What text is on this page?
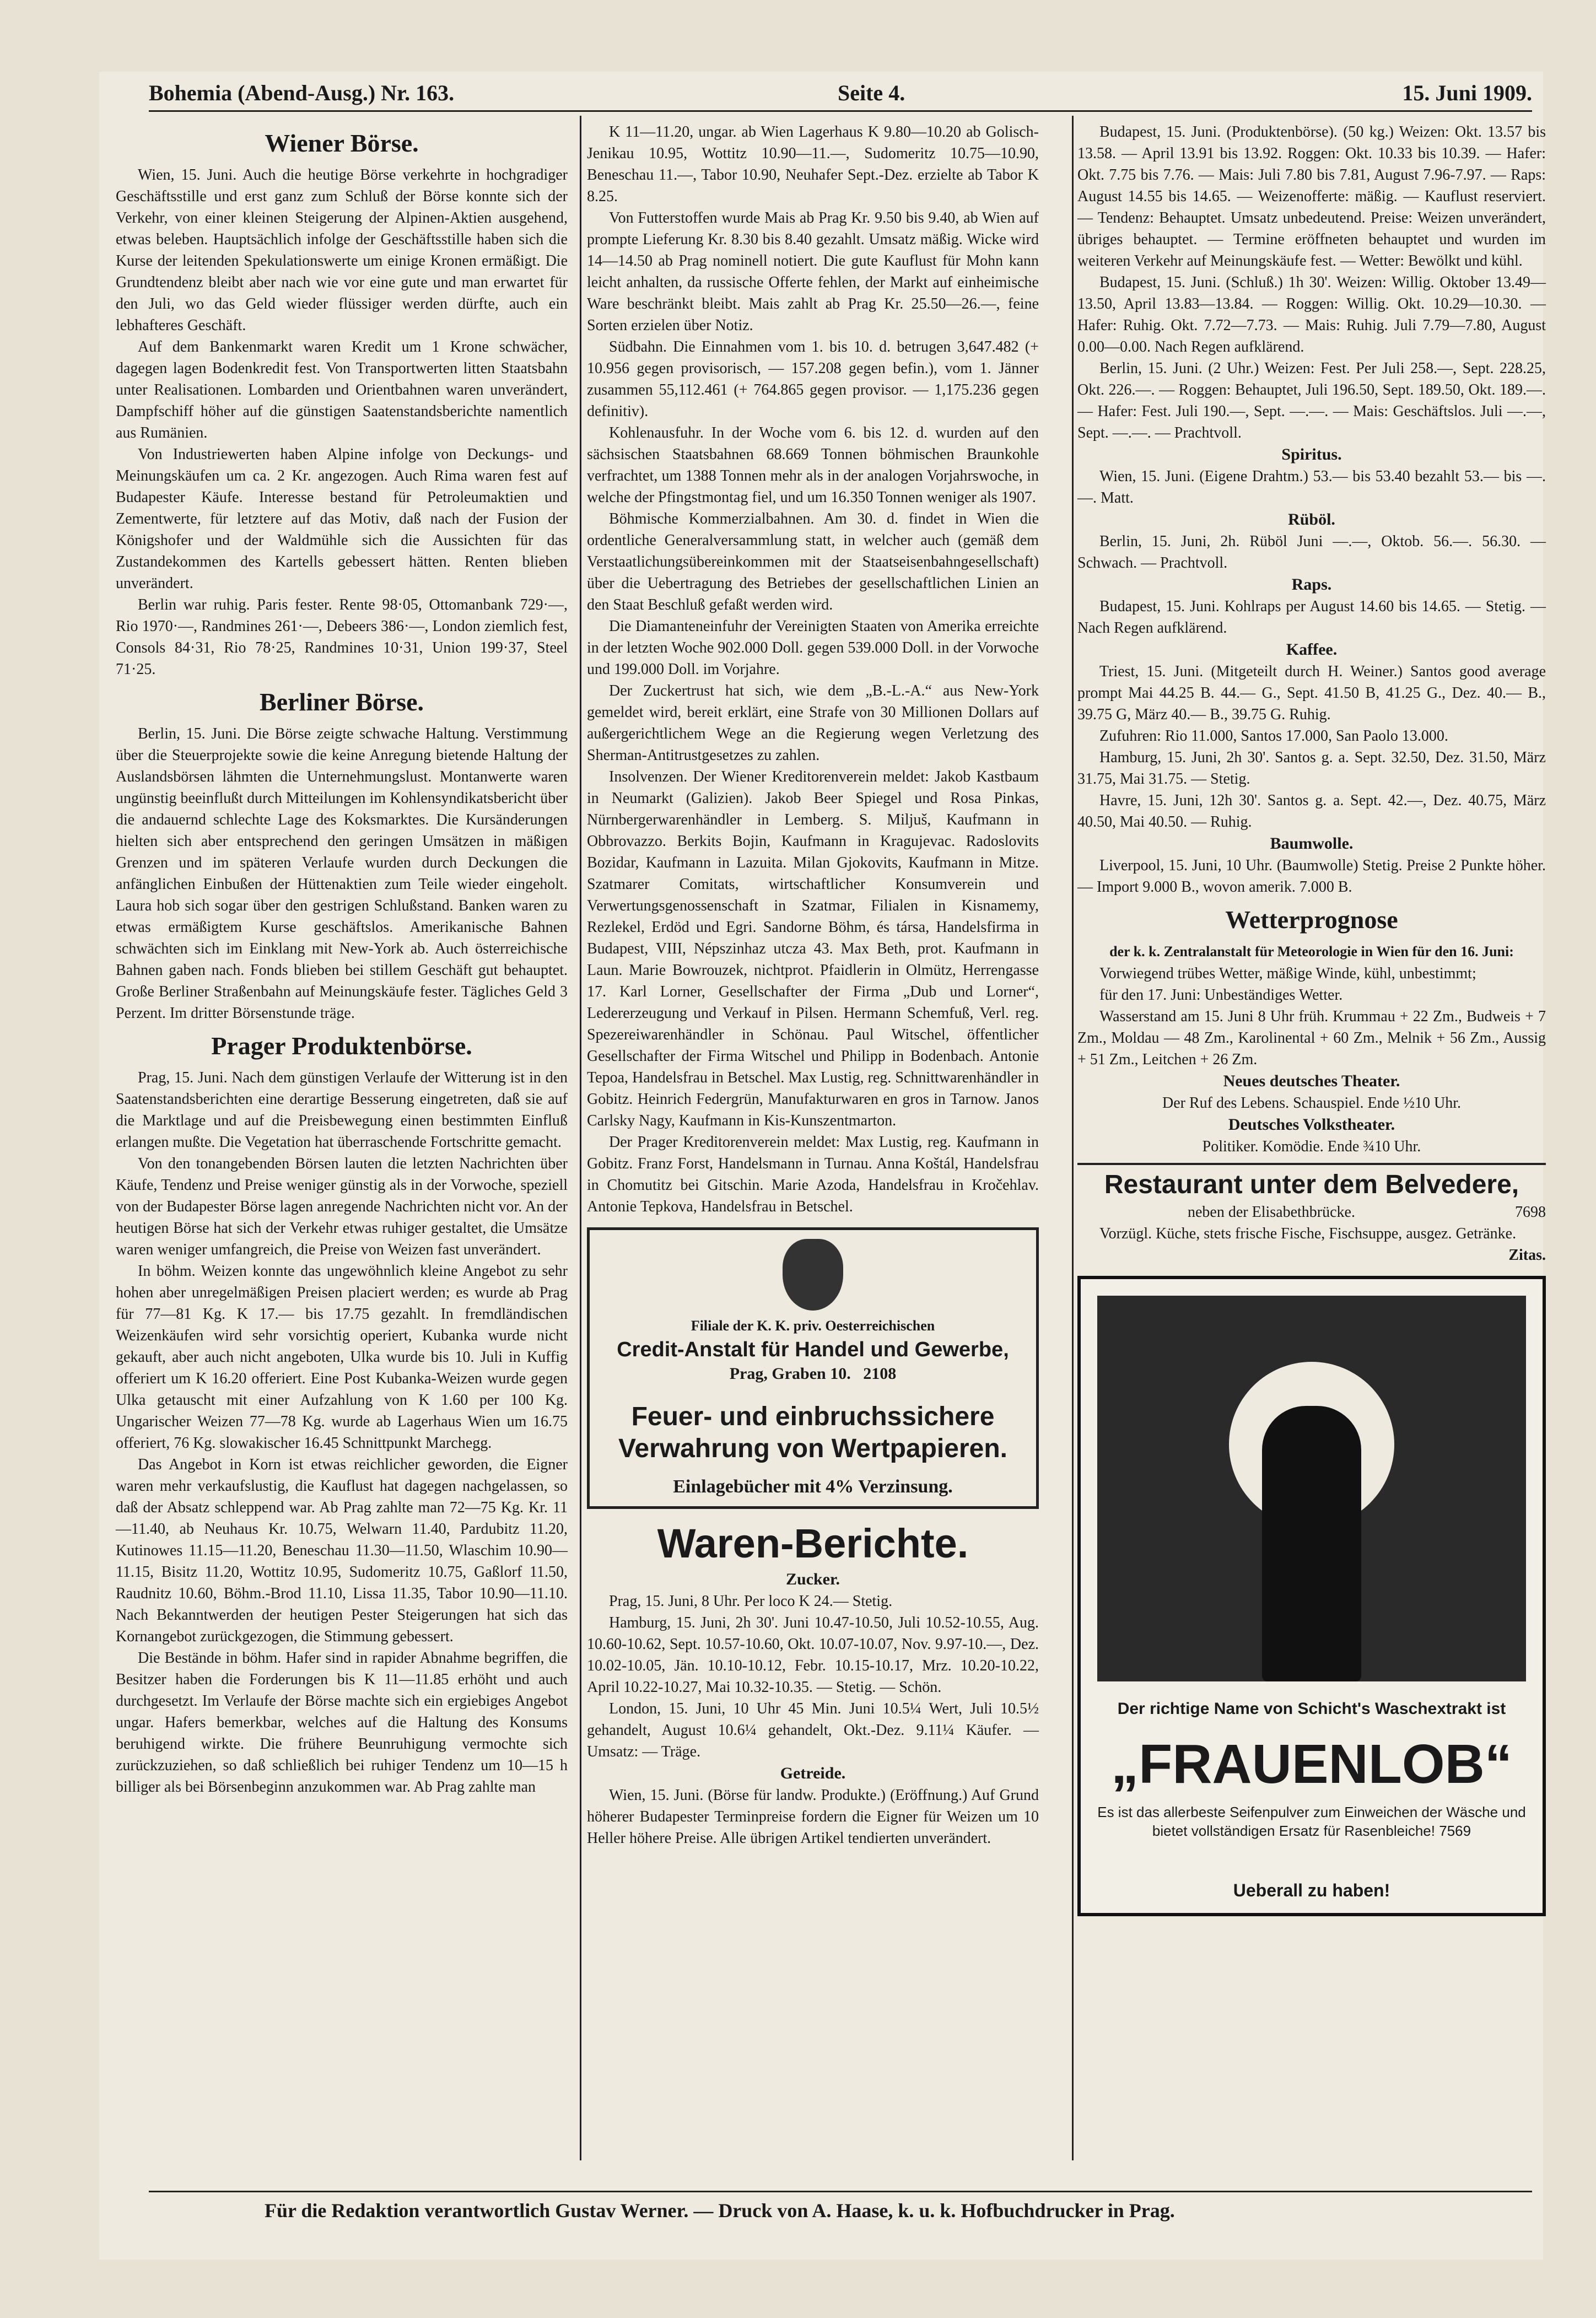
Bohemia (Abend-Ausg.) Nr. 163.	Seite 4.	15. Juni 1909.
Wiener Börse.

Wien, 15. Juni. Auch die heutige Börse verkehrte in hochgradiger Geschäftsstille und erst ganz zum Schluß der Börse konnte sich der Verkehr, von einer kleinen Steigerung der Alpinen-Aktien ausgehend, etwas beleben. Hauptsächlich infolge der Geschäftsstille haben sich die Kurse der leitenden Spekulationswerte um einige Kronen ermäßigt. Die Grundtendenz bleibt aber nach wie vor eine gute und man erwartet für den Juli, wo das Geld wieder flüssiger werden dürfte, auch ein lebhafteres Geschäft.

Auf dem Bankenmarkt waren Kredit um 1 Krone schwächer, dagegen lagen Bodenkredit fest. Von Transportwerten litten Staatsbahn unter Realisationen. Lombarden und Orientbahnen waren unverändert, Dampfschiff höher auf die günstigen Saatenstandsberichte namentlich aus Rumänien.

Von Industriewerten haben Alpine infolge von Deckungs- und Meinungskäufen um ca. 2 Kr. angezogen. Auch Rima waren fest auf Budapester Käufe. Interesse bestand für Petroleumaktien und Zementwerte, für letztere auf das Motiv, daß nach der Fusion der Königshofer und der Waldmühle sich die Aussichten für das Zustandekommen des Kartells gebessert hätten. Renten blieben unverändert.

Berlin war ruhig. Paris fester. Rente 98·05, Ottomanbank 729·—, Rio 1970·—, Randmines 261·—, Debeers 386·—, London ziemlich fest, Consols 84·31, Rio 78·25, Randmines 10·31, Union 199·37, Steel 71·25.

Berliner Börse.

Berlin, 15. Juni. Die Börse zeigte schwache Haltung. Verstimmung über die Steuerprojekte sowie die keine Anregung bietende Haltung der Auslandsbörsen lähmten die Unternehmungslust. Montanwerte waren ungünstig beeinflußt durch Mitteilungen im Kohlensyndikatsbericht über die andauernd schlechte Lage des Koksmarktes. Die Kursänderungen hielten sich aber entsprechend den geringen Umsätzen in mäßigen Grenzen und im späteren Verlaufe wurden durch Deckungen die anfänglichen Einbußen der Hüttenaktien zum Teile wieder eingeholt. Laura hob sich sogar über den gestrigen Schlußstand. Banken waren zu etwas ermäßigtem Kurse geschäftslos. Amerikanische Bahnen schwächten sich im Einklang mit New-York ab. Auch österreichische Bahnen gaben nach. Fonds blieben bei stillem Geschäft gut behauptet. Große Berliner Straßenbahn auf Meinungskäufe fester. Tägliches Geld 3 Perzent. Im dritter Börsenstunde träge.

Prager Produktenbörse.

Prag, 15. Juni. Nach dem günstigen Verlaufe der Witterung ist in den Saatenstandsberichten eine derartige Besserung eingetreten, daß sie auf die Marktlage und auf die Preisbewegung einen bestimmten Einfluß erlangen mußte. Die Vegetation hat überraschende Fortschritte gemacht.

Von den tonangebenden Börsen lauten die letzten Nachrichten über Käufe, Tendenz und Preise weniger günstig als in der Vorwoche, speziell von der Budapester Börse lagen anregende Nachrichten nicht vor. An der heutigen Börse hat sich der Verkehr etwas ruhiger gestaltet, die Umsätze waren weniger umfangreich, die Preise von Weizen fast unverändert.

In böhm. Weizen konnte das ungewöhnlich kleine Angebot zu sehr hohen aber unregelmäßigen Preisen placiert werden; es wurde ab Prag für 77—81 Kg. K 17.— bis 17.75 gezahlt. In fremdländischen Weizenkäufen wird sehr vorsichtig operiert, Kubanka wurde nicht gekauft, aber auch nicht angeboten, Ulka wurde bis 10. Juli in Kuffig offeriert um K 16.20 offeriert. Eine Post Kubanka-Weizen wurde gegen Ulka getauscht mit einer Aufzahlung von K 1.60 per 100 Kg. Ungarischer Weizen 77—78 Kg. wurde ab Lagerhaus Wien um 16.75 offeriert, 76 Kg. slowakischer 16.45 Schnittpunkt Marchegg.

Das Angebot in Korn ist etwas reichlicher geworden, die Eigner waren mehr verkaufslustig, die Kauflust hat dagegen nachgelassen, so daß der Absatz schleppend war. Ab Prag zahlte man 72—75 Kg. Kr. 11—11.40, ab Neuhaus Kr. 10.75, Welwarn 11.40, Pardubitz 11.20, Kutinowes 11.15—11.20, Beneschau 11.30—11.50, Wlaschim 10.90—11.15, Bisitz 11.20, Wottitz 10.95, Sudomeritz 10.75, Gaßlorf 11.50, Raudnitz 10.60, Böhm.-Brod 11.10, Lissa 11.35, Tabor 10.90—11.10. Nach Bekanntwerden der heutigen Pester Steigerungen hat sich das Kornangebot zurückgezogen, die Stimmung gebessert.

Die Bestände in böhm. Hafer sind in rapider Abnahme begriffen, die Besitzer haben die Forderungen bis K 11—11.85 erhöht und auch durchgesetzt. Im Verlaufe der Börse machte sich ein ergiebiges Angebot ungar. Hafers bemerkbar, welches auf die Haltung des Konsums beruhigend wirkte. Die frühere Beunruhigung vermochte sich zurückzuziehen, so daß schließlich bei ruhiger Tendenz um 10—15 h billiger als bei Börsenbeginn anzukommen war. Ab Prag zahlte man

K 11—11.20, ungar. ab Wien Lagerhaus K 9.80—10.20 ab Golisch-Jenikau 10.95, Wottitz 10.90—11.—, Sudomeritz 10.75—10.90, Beneschau 11.—, Tabor 10.90, Neuhafer Sept.-Dez. erzielte ab Tabor K 8.25.

Von Futterstoffen wurde Mais ab Prag Kr. 9.50 bis 9.40, ab Wien auf prompte Lieferung Kr. 8.30 bis 8.40 gezahlt. Umsatz mäßig. Wicke wird 14—14.50 ab Prag nominell notiert. Die gute Kauflust für Mohn kann leicht anhalten, da russische Offerte fehlen, der Markt auf einheimische Ware beschränkt bleibt. Mais zahlt ab Prag Kr. 25.50—26.—, feine Sorten erzielen über Notiz.

Südbahn. Die Einnahmen vom 1. bis 10. d. betrugen 3,647.482 (+ 10.956 gegen provisorisch, — 157.208 gegen befin.), vom 1. Jänner zusammen 55,112.461 (+ 764.865 gegen provisor. — 1,175.236 gegen definitiv).

Kohlenausfuhr. In der Woche vom 6. bis 12. d. wurden auf den sächsischen Staatsbahnen 68.669 Tonnen böhmischen Braunkohle verfrachtet, um 1388 Tonnen mehr als in der analogen Vorjahrswoche, in welche der Pfingstmontag fiel, und um 16.350 Tonnen weniger als 1907.

Böhmische Kommerzialbahnen. Am 30. d. findet in Wien die ordentliche Generalversammlung statt, in welcher auch (gemäß dem Verstaatlichungsübereinkommen mit der Staatseisenbahngesellschaft) über die Uebertragung des Betriebes der gesellschaftlichen Linien an den Staat Beschluß gefaßt werden wird.

Die Diamanteneinfuhr der Vereinigten Staaten von Amerika erreichte in der letzten Woche 902.000 Doll. gegen 539.000 Doll. in der Vorwoche und 199.000 Doll. im Vorjahre.

Der Zuckertrust hat sich, wie dem „B.-L.-A.“ aus New-York gemeldet wird, bereit erklärt, eine Strafe von 30 Millionen Dollars auf außergerichtlichem Wege an die Regierung wegen Verletzung des Sherman-Antitrustgesetzes zu zahlen.

Insolvenzen. Der Wiener Kreditorenverein meldet: Jakob Kastbaum in Neumarkt (Galizien). Jakob Beer Spiegel und Rosa Pinkas, Nürnbergerwarenhändler in Lemberg. S. Miljuš, Kaufmann in Obbrovazzo. Berkits Bojin, Kaufmann in Kragujevac. Radoslovits Bozidar, Kaufmann in Lazuita. Milan Gjokovits, Kaufmann in Mitze. Szatmarer Comitats, wirtschaftlicher Konsumverein und Verwertungsgenossenschaft in Szatmar, Filialen in Kisnamemy, Rezlekel, Erdöd und Egri. Sandorne Böhm, és társa, Handelsfirma in Budapest, VIII, Népszinhaz utcza 43. Max Beth, prot. Kaufmann in Laun. Marie Bowrouzek, nichtprot. Pfaidlerin in Olmütz, Herrengasse 17. Karl Lorner, Gesellschafter der Firma „Dub und Lorner“, Ledererzeugung und Verkauf in Pilsen. Hermann Schemfuß, Verl. reg. Spezereiwarenhändler in Schönau. Paul Witschel, öffentlicher Gesellschafter der Firma Witschel und Philipp in Bodenbach. Antonie Tepoa, Handelsfrau in Betschel. Max Lustig, reg. Schnittwarenhändler in Gobitz. Heinrich Federgrün, Manufakturwaren en gros in Tarnow. Janos Carlsky Nagy, Kaufmann in Kis-Kunszentmarton.

Der Prager Kreditorenverein meldet: Max Lustig, reg. Kaufmann in Gobitz. Franz Forst, Handelsmann in Turnau. Anna Koštál, Handelsfrau in Chomutitz bei Gitschin. Marie Azoda, Handelsfrau in Kročehlav. Antonie Tepkova, Handelsfrau in Betschel.

Filiale der K. K. priv. Oesterreichischen
Credit-Anstalt für Handel und Gewerbe,
Prag, Graben 10. 2108
Feuer- und einbruchssichere Verwahrung von Wertpapieren.
Einlagebücher mit 4% Verzinsung.
Waren-Berichte.
Zucker.

Prag, 15. Juni, 8 Uhr. Per loco K 24.— Stetig.

Hamburg, 15. Juni, 2h 30'. Juni 10.47-10.50, Juli 10.52-10.55, Aug. 10.60-10.62, Sept. 10.57-10.60, Okt. 10.07-10.07, Nov. 9.97-10.—, Dez. 10.02-10.05, Jän. 10.10-10.12, Febr. 10.15-10.17, Mrz. 10.20-10.22, April 10.22-10.27, Mai 10.32-10.35. — Stetig. — Schön.

London, 15. Juni, 10 Uhr 45 Min. Juni 10.5¼ Wert, Juli 10.5½ gehandelt, August 10.6¼ gehandelt, Okt.-Dez. 9.11¼ Käufer. — Umsatz: — Träge.

Getreide.

Wien, 15. Juni. (Börse für landw. Produkte.) (Eröffnung.) Auf Grund höherer Budapester Terminpreise fordern die Eigner für Weizen um 10 Heller höhere Preise. Alle übrigen Artikel tendierten unverändert.

Budapest, 15. Juni. (Produktenbörse). (50 kg.) Weizen: Okt. 13.57 bis 13.58. — April 13.91 bis 13.92. Roggen: Okt. 10.33 bis 10.39. — Hafer: Okt. 7.75 bis 7.76. — Mais: Juli 7.80 bis 7.81, August 7.96-7.97. — Raps: August 14.55 bis 14.65. — Weizenofferte: mäßig. — Kauflust reserviert. — Tendenz: Behauptet. Umsatz unbedeutend. Preise: Weizen unverändert, übriges behauptet. — Termine eröffneten behauptet und wurden im weiteren Verkehr auf Meinungskäufe fest. — Wetter: Bewölkt und kühl.

Budapest, 15. Juni. (Schluß.) 1h 30'. Weizen: Willig. Oktober 13.49—13.50, April 13.83—13.84. — Roggen: Willig. Okt. 10.29—10.30. — Hafer: Ruhig. Okt. 7.72—7.73. — Mais: Ruhig. Juli 7.79—7.80, August 0.00—0.00. Nach Regen aufklärend.

Berlin, 15. Juni. (2 Uhr.) Weizen: Fest. Per Juli 258.—, Sept. 228.25, Okt. 226.—. — Roggen: Behauptet, Juli 196.50, Sept. 189.50, Okt. 189.—. — Hafer: Fest. Juli 190.—, Sept. —.—. — Mais: Geschäftslos. Juli —.—, Sept. —.—. — Prachtvoll.

Spiritus.

Wien, 15. Juni. (Eigene Drahtm.) 53.— bis 53.40 bezahlt 53.— bis —.—. Matt.

Rüböl.

Berlin, 15. Juni, 2h. Rüböl Juni —.—, Oktob. 56.—. 56.30. — Schwach. — Prachtvoll.

Raps.

Budapest, 15. Juni. Kohlraps per August 14.60 bis 14.65. — Stetig. — Nach Regen aufklärend.

Kaffee.

Triest, 15. Juni. (Mitgeteilt durch H. Weiner.) Santos good average prompt Mai 44.25 B. 44.— G., Sept. 41.50 B, 41.25 G., Dez. 40.— B., 39.75 G, März 40.— B., 39.75 G. Ruhig.

Zufuhren: Rio 11.000, Santos 17.000, San Paolo 13.000.

Hamburg, 15. Juni, 2h 30'. Santos g. a. Sept. 32.50, Dez. 31.50, März 31.75, Mai 31.75. — Stetig.

Havre, 15. Juni, 12h 30'. Santos g. a. Sept. 42.—, Dez. 40.75, März 40.50, Mai 40.50. — Ruhig.

Baumwolle.

Liverpool, 15. Juni, 10 Uhr. (Baumwolle) Stetig. Preise 2 Punkte höher. — Import 9.000 B., wovon amerik. 7.000 B.

Wetterprognose
der k. k. Zentralanstalt für Meteorologie in Wien für den 16. Juni:

Vorwiegend trübes Wetter, mäßige Winde, kühl, unbestimmt;

für den 17. Juni: Unbeständiges Wetter.

Wasserstand am 15. Juni 8 Uhr früh. Krummau + 22 Zm., Budweis + 7 Zm., Moldau — 48 Zm., Karolinental + 60 Zm., Melnik + 56 Zm., Aussig + 51 Zm., Leitchen + 26 Zm.

Neues deutsches Theater.

Der Ruf des Lebens. Schauspiel. Ende ½10 Uhr.

Deutsches Volkstheater.

Politiker. Komödie. Ende ¾10 Uhr.

Restaurant unter dem Belvedere,
neben der Elisabethbrücke.	7698

Vorzügl. Küche, stets frische Fische, Fischsuppe, ausgez. Getränke.

Zitas.
Der richtige Name von Schicht's Waschextrakt ist
„FRAUENLOB“
Es ist das allerbeste Seifenpulver zum Einweichen der Wäsche und bietet vollständigen Ersatz für Rasenbleiche! 7569
Ueberall zu haben!
Für die Redaktion verantwortlich Gustav Werner. — Druck von A. Haase, k. u. k. Hofbuchdrucker in Prag.
